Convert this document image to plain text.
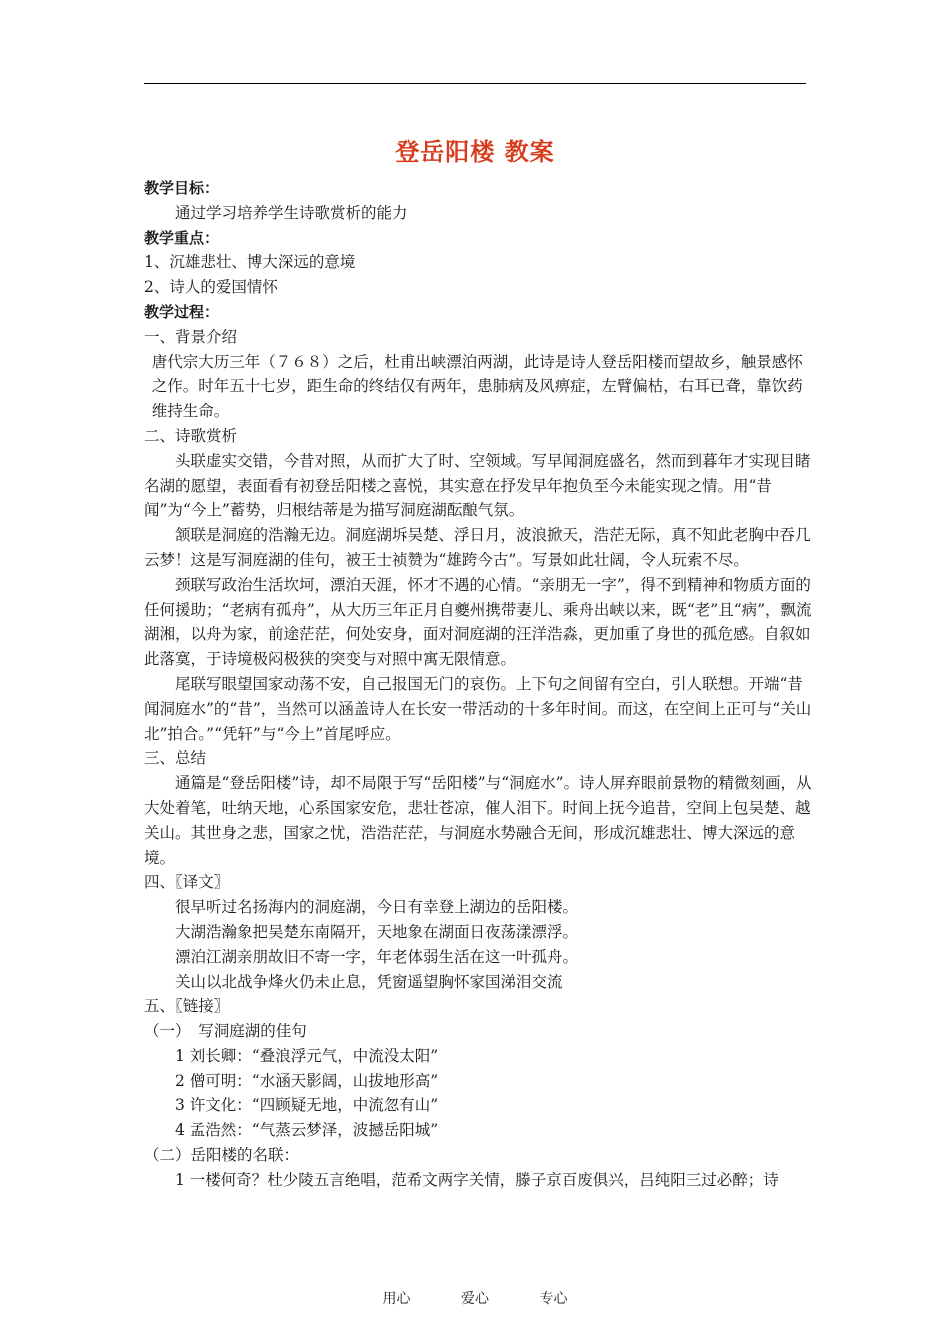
登岳阳楼 教案

教学目标：

通过学习培养学生诗歌赏析的能力

教学重点：

1、沉雄悲壮、博大深远的意境

2、诗人的爱国情怀

教学过程：

一、背景介绍

唐代宗大历三年（７６８）之后，杜甫出峡漂泊两湖，此诗是诗人登岳阳楼而望故乡，触景感怀之作。时年五十七岁，距生命的终结仅有两年，患肺病及风痹症，左臂偏枯，右耳已聋，靠饮药维持生命。

二、诗歌赏析

头联虚实交错，今昔对照，从而扩大了时、空领域。写早闻洞庭盛名，然而到暮年才实现目睹名湖的愿望，表面看有初登岳阳楼之喜悦，其实意在抒发早年抱负至今未能实现之情。用“昔闻”为“今上”蓄势，归根结蒂是为描写洞庭湖酝酿气氛。

颔联是洞庭的浩瀚无边。洞庭湖坼吴楚、浮日月，波浪掀天，浩茫无际，真不知此老胸中吞几云梦！这是写洞庭湖的佳句，被王士祯赞为“雄跨今古”。写景如此壮阔，令人玩索不尽。

颈联写政治生活坎坷，漂泊天涯，怀才不遇的心情。“亲朋无一字”，得不到精神和物质方面的任何援助；“老病有孤舟”，从大历三年正月自夔州携带妻儿、乘舟出峡以来，既“老”且“病”，飘流湖湘，以舟为家，前途茫茫，何处安身，面对洞庭湖的汪洋浩淼，更加重了身世的孤危感。自叙如此落寞，于诗境极闷极狭的突变与对照中寓无限情意。

尾联写眼望国家动荡不安，自己报国无门的哀伤。上下句之间留有空白，引人联想。开端“昔闻洞庭水”的“昔”，当然可以涵盖诗人在长安一带活动的十多年时间。而这，在空间上正可与“关山北”拍合。”“凭轩”与“今上”首尾呼应。

三、总结

通篇是“登岳阳楼”诗，却不局限于写“岳阳楼”与“洞庭水”。诗人屏弃眼前景物的精微刻画，从大处着笔，吐纳天地，心系国家安危，悲壮苍凉，催人泪下。时间上抚今追昔，空间上包吴楚、越关山。其世身之悲，国家之忧，浩浩茫茫，与洞庭水势融合无间，形成沉雄悲壮、博大深远的意境。

四、〖译文〗

很早听过名扬海内的洞庭湖，今日有幸登上湖边的岳阳楼。

大湖浩瀚象把吴楚东南隔开，天地象在湖面日夜荡漾漂浮。

漂泊江湖亲朋故旧不寄一字，年老体弱生活在这一叶孤舟。

关山以北战争烽火仍未止息，凭窗遥望胸怀家国涕泪交流

五、〖链接〗

（一）　写洞庭湖的佳句

1 刘长卿：“叠浪浮元气，中流没太阳”

2 僧可明：“水涵天影阔，山拔地形高”

3 许文化：“四顾疑无地，中流忽有山”

4 孟浩然：“气蒸云梦泽，波撼岳阳城”

（二）岳阳楼的名联：

1 一楼何奇？杜少陵五言绝唱，范希文两字关情，滕子京百废俱兴，吕纯阳三过必醉；诗

用心	爱心	专心
